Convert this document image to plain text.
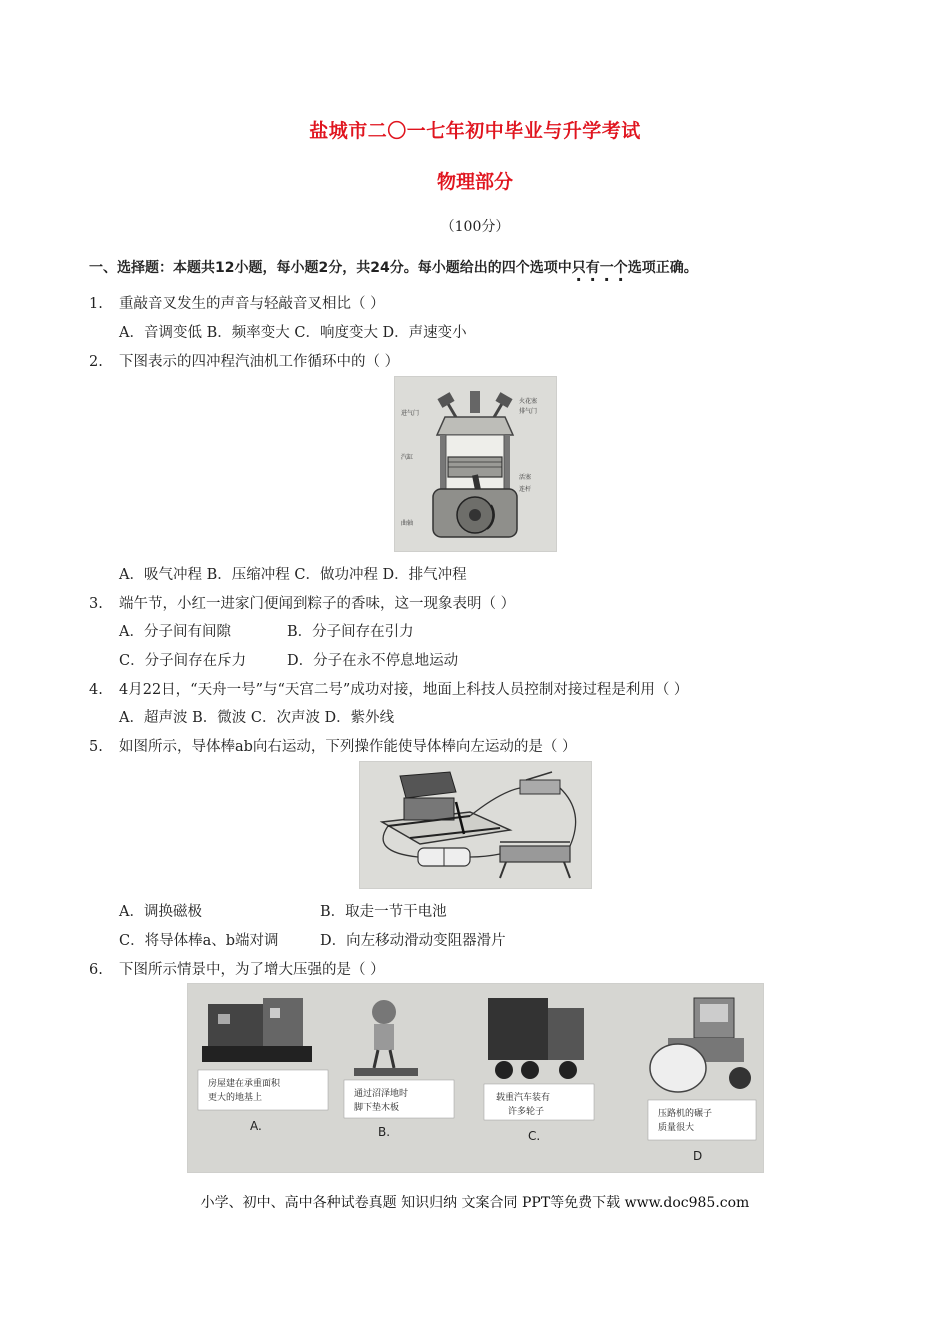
盐城市二〇一七年初中毕业与升学考试
物理部分
（100分）
一、选择题：本题共12小题，每小题2分，共24分。每小题给出的四个选项中只有一个选项正确。
1. 重敲音叉发生的声音与轻敲音叉相比（ ）
A．音调变低 B．频率变大 C．响度变大 D．声速变小
2. 下图表示的四冲程汽油机工作循环中的（ ）
进气门
火花塞
排气门
汽缸
活塞
连杆
曲轴
A．吸气冲程 B．压缩冲程 C．做功冲程 D．排气冲程
3. 端午节，小红一进家门便闻到粽子的香味，这一现象表明（ ）
A．分子间有间隙	B．分子间存在引力
C．分子间存在斥力	D．分子在永不停息地运动
4. 4月22日，“天舟一号”与“天宫二号”成功对接，地面上科技人员控制对接过程是利用（ ）
A．超声波 B．微波 C．次声波 D．紫外线
5. 如图所示，导体棒ab向右运动，下列操作能使导体棒向左运动的是（ ）
A．调换磁极	B．取走一节干电池
C．将导体棒a、b端对调	D．向左移动滑动变阻器滑片
6. 下图所示情景中，为了增大压强的是（ ）
房屋建在承重面积
更大的地基上
A.
通过沼泽地时
脚下垫木板
B.
载重汽车装有
许多轮子
C.
压路机的碾子
质量很大
D
小学、初中、高中各种试卷真题 知识归纳 文案合同 PPT等免费下载 www.doc985.com
